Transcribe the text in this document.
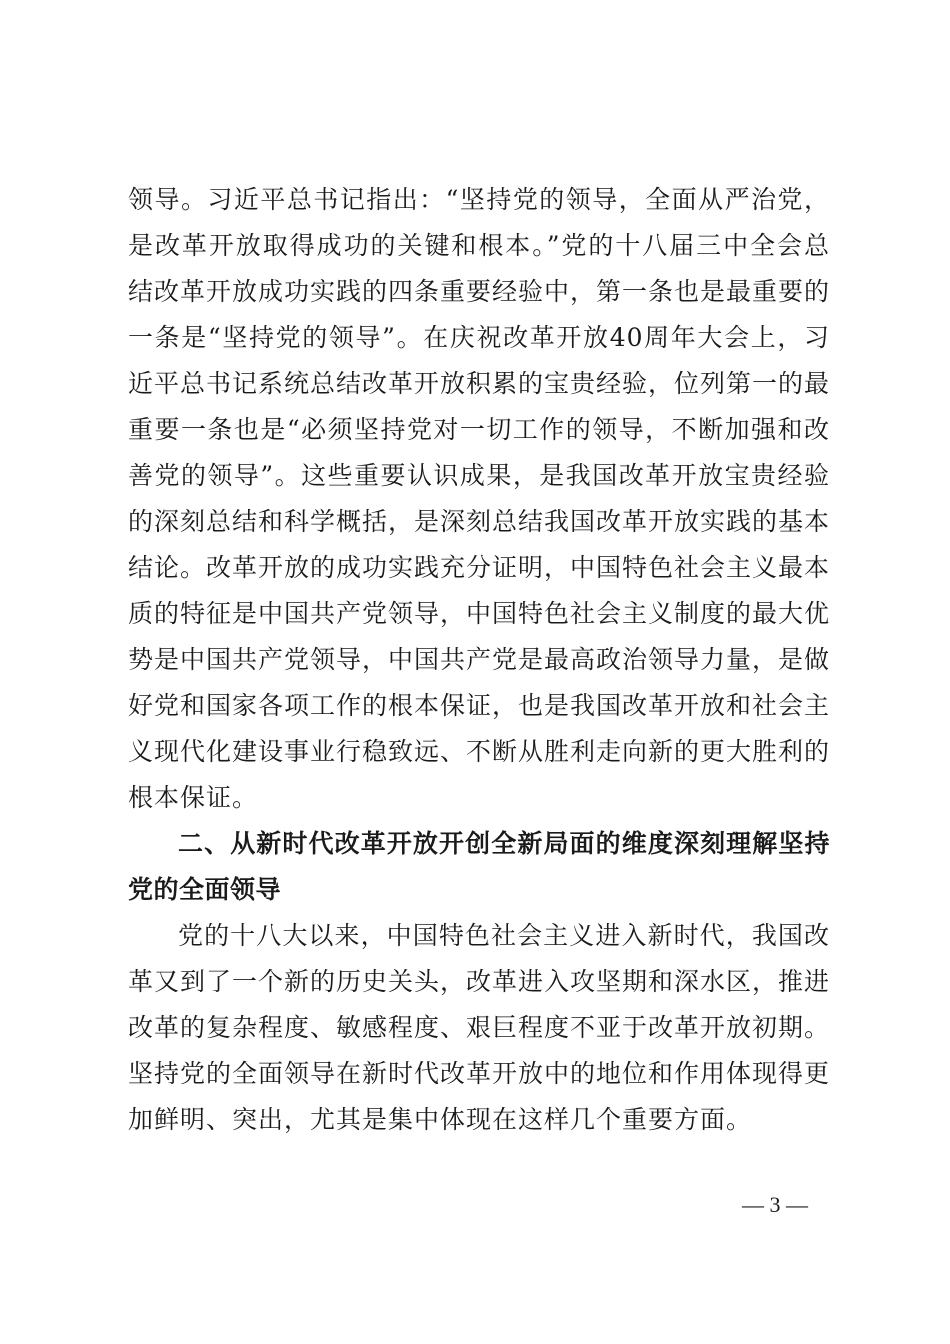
领导。习近平总书记指出：“坚持党的领导，全面从严治党，
是改革开放取得成功的关键和根本。”党的十八届三中全会总
结改革开放成功实践的四条重要经验中，第一条也是最重要的
一条是“坚持党的领导”。在庆祝改革开放40周年大会上，习
近平总书记系统总结改革开放积累的宝贵经验，位列第一的最
重要一条也是“必须坚持党对一切工作的领导，不断加强和改
善党的领导”。这些重要认识成果，是我国改革开放宝贵经验
的深刻总结和科学概括，是深刻总结我国改革开放实践的基本
结论。改革开放的成功实践充分证明，中国特色社会主义最本
质的特征是中国共产党领导，中国特色社会主义制度的最大优
势是中国共产党领导，中国共产党是最高政治领导力量，是做
好党和国家各项工作的根本保证，也是我国改革开放和社会主
义现代化建设事业行稳致远、不断从胜利走向新的更大胜利的
根本保证。
二、从新时代改革开放开创全新局面的维度深刻理解坚持
党的全面领导
党的十八大以来，中国特色社会主义进入新时代，我国改
革又到了一个新的历史关头，改革进入攻坚期和深水区，推进
改革的复杂程度、敏感程度、艰巨程度不亚于改革开放初期。
坚持党的全面领导在新时代改革开放中的地位和作用体现得更
加鲜明、突出，尤其是集中体现在这样几个重要方面。
— 3 —
